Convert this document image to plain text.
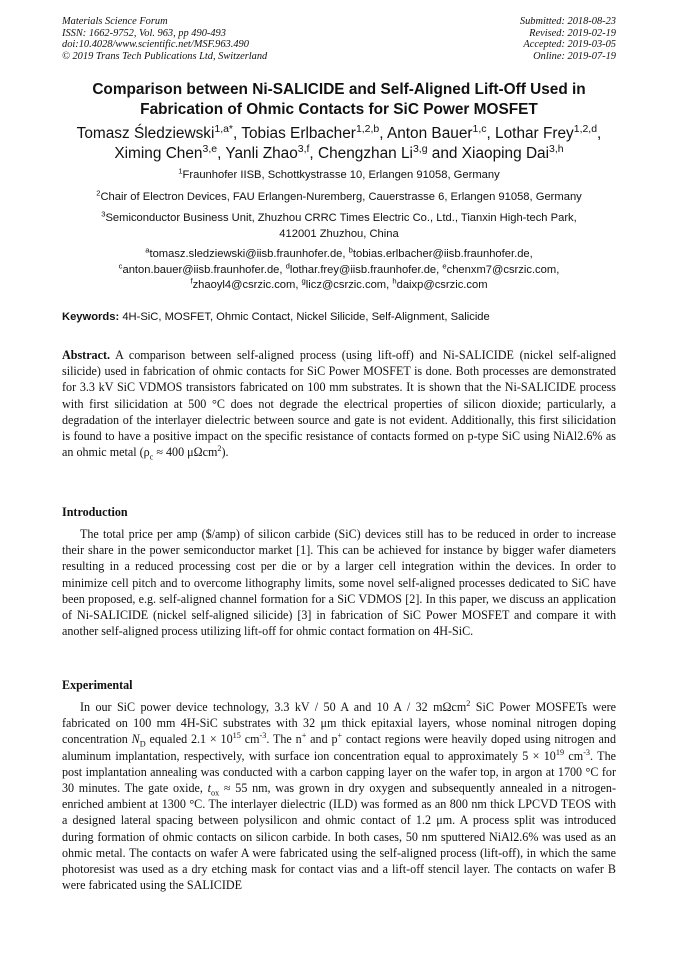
Materials Science Forum
ISSN: 1662-9752, Vol. 963, pp 490-493
doi:10.4028/www.scientific.net/MSF.963.490
© 2019 Trans Tech Publications Ltd, Switzerland
Submitted: 2018-08-23
Revised: 2019-02-19
Accepted: 2019-03-05
Online: 2019-07-19
Comparison between Ni-SALICIDE and Self-Aligned Lift-Off Used in
Fabrication of Ohmic Contacts for SiC Power MOSFET
Tomasz Śledziewski$^{1,a*}$, Tobias Erlbacher$^{1,2,b}$, Anton Bauer$^{1,c}$, Lothar Frey$^{1,2,d}$,
Ximing Chen$^{3,e}$, Yanli Zhao$^{3,f}$, Chengzhan Li$^{3,g}$ and Xiaoping Dai$^{3,h}$
$^1$Fraunhofer IISB, Schottkystrasse 10, Erlangen 91058, Germany
$^2$Chair of Electron Devices, FAU Erlangen-Nuremberg, Cauerstrasse 6, Erlangen 91058, Germany
$^3$Semiconductor Business Unit, Zhuzhou CRRC Times Electric Co., Ltd., Tianxin High-tech Park,
412001 Zhuzhou, China
$^a$tomasz.sledziewski@iisb.fraunhofer.de, $^b$tobias.erlbacher@iisb.fraunhofer.de,
$^c$anton.bauer@iisb.fraunhofer.de, $^d$lothar.frey@iisb.fraunhofer.de, $^e$chenxm7@csrzic.com,
$^f$zhaoyl4@csrzic.com, $^g$licz@csrzic.com, $^h$daixp@csrzic.com
Keywords: 4H-SiC, MOSFET, Ohmic Contact, Nickel Silicide, Self-Alignment, Salicide
Abstract. A comparison between self-aligned process (using lift-off) and Ni-SALICIDE (nickel self-aligned silicide) used in fabrication of ohmic contacts for SiC Power MOSFET is done. Both processes are demonstrated for 3.3 kV SiC VDMOS transistors fabricated on 100 mm substrates. It is shown that the Ni-SALICIDE process with first silicidation at 500 °C does not degrade the electrical properties of silicon dioxide; particularly, a degradation of the interlayer dielectric between source and gate is not evident. Additionally, this first silicidation is found to have a positive impact on the specific resistance of contacts formed on p-type SiC using NiAl2.6% as an ohmic metal ($\rho_c \approx 400$ μΩcm$^2$).
Introduction
The total price per amp ($/amp) of silicon carbide (SiC) devices still has to be reduced in order to increase their share in the power semiconductor market [1]. This can be achieved for instance by bigger wafer diameters resulting in a reduced processing cost per die or by a larger cell integration within the devices. In order to minimize cell pitch and to overcome lithography limits, some novel self-aligned processes dedicated to SiC have been proposed, e.g. self-aligned channel formation for a SiC VDMOS [2]. In this paper, we discuss an application of Ni-SALICIDE (nickel self-aligned silicide) [3] in fabrication of SiC Power MOSFET and compare it with another self-aligned process utilizing lift-off for ohmic contact formation on 4H-SiC.
Experimental
In our SiC power device technology, 3.3 kV / 50 A and 10 A / 32 mΩcm$^2$ SiC Power MOSFETs were fabricated on 100 mm 4H-SiC substrates with 32 μm thick epitaxial layers, whose nominal nitrogen doping concentration $N_D$ equaled $2.1 \times 10^{15}$ $cm^{-3}$. The n+ and p+ contact regions were heavily doped using nitrogen and aluminum implantation, respectively, with surface ion concentration equal to approximately $5 \times 10^{19}$ $cm^{-3}$. The post implantation annealing was conducted with a carbon capping layer on the wafer top, in argon at 1700 °C for 30 minutes. The gate oxide, $t_{ox} \approx 55$ nm, was grown in dry oxygen and subsequently annealed in a nitrogen-enriched ambient at 1300 °C. The interlayer dielectric (ILD) was formed as an 800 nm thick LPCVD TEOS with a designed lateral spacing between polysilicon and ohmic contact of 1.2 μm. A process split was introduced during formation of ohmic contacts on silicon carbide. In both cases, 50 nm sputtered NiAl2.6% was used as an ohmic metal. The contacts on wafer A were fabricated using the self-aligned process (lift-off), in which the same photoresist was used as a dry etching mask for contact vias and a lift-off stencil layer. The contacts on wafer B were fabricated using the SALICIDE
